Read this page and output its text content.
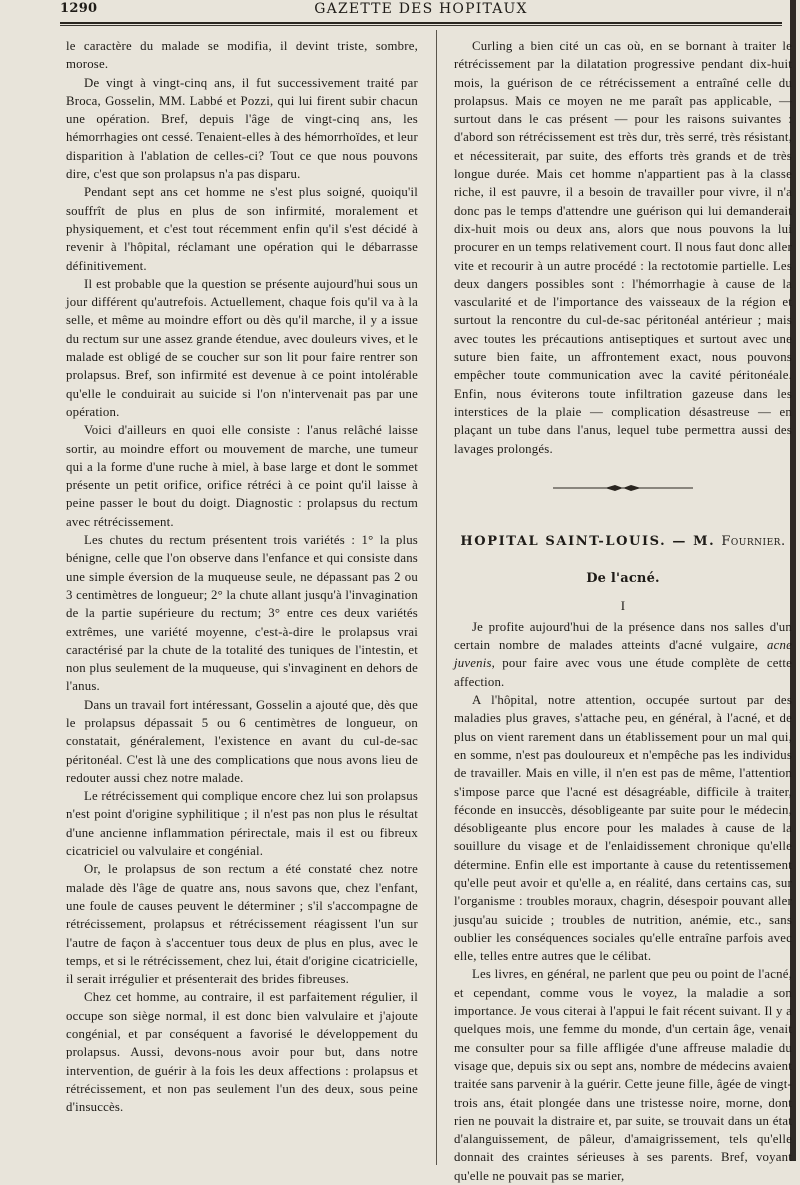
1290	GAZETTE DES HOPITAUX

le caractère du malade se modifia, il devint triste, sombre, morose.

De vingt à vingt-cinq ans, il fut successivement traité par Broca, Gosselin, MM. Labbé et Pozzi, qui lui firent subir chacun une opération. Bref, depuis l'âge de vingt-cinq ans, les hémorrhagies ont cessé. Tenaient-elles à des hémorrhoïdes, et leur disparition à l'ablation de celles-ci? Tout ce que nous pouvons dire, c'est que son prolapsus n'a pas disparu.

Pendant sept ans cet homme ne s'est plus soigné, quoiqu'il souffrît de plus en plus de son infirmité, moralement et physiquement, et c'est tout récemment enfin qu'il s'est décidé à revenir à l'hôpital, réclamant une opération qui le débarrasse définitivement.

Il est probable que la question se présente aujourd'hui sous un jour différent qu'autrefois. Actuellement, chaque fois qu'il va à la selle, et même au moindre effort ou dès qu'il marche, il y a issue du rectum sur une assez grande étendue, avec douleurs vives, et le malade est obligé de se coucher sur son lit pour faire rentrer son prolapsus. Bref, son infirmité est devenue à ce point intolérable qu'elle le conduirait au suicide si l'on n'intervenait pas par une opération.

Voici d'ailleurs en quoi elle consiste : l'anus relâché laisse sortir, au moindre effort ou mouvement de marche, une tumeur qui a la forme d'une ruche à miel, à base large et dont le sommet présente un petit orifice, orifice rétréci à ce point qu'il laisse à peine passer le bout du doigt. Diagnostic : prolapsus du rectum avec rétrécissement.

Les chutes du rectum présentent trois variétés : 1° la plus bénigne, celle que l'on observe dans l'enfance et qui consiste dans une simple éversion de la muqueuse seule, ne dépassant pas 2 ou 3 centimètres de longueur; 2° la chute allant jusqu'à l'invagination de la partie supérieure du rectum; 3° entre ces deux variétés extrêmes, une variété moyenne, c'est-à-dire le prolapsus vrai caractérisé par la chute de la totalité des tuniques de l'intestin, et non plus seulement de la muqueuse, qui s'invaginent en dehors de l'anus.

Dans un travail fort intéressant, Gosselin a ajouté que, dès que le prolapsus dépassait 5 ou 6 centimètres de longueur, on constatait, généralement, l'existence en avant du cul-de-sac péritonéal. C'est là une des complications que nous avons lieu de redouter aussi chez notre malade.

Le rétrécissement qui complique encore chez lui son prolapsus n'est point d'origine syphilitique ; il n'est pas non plus le résultat d'une ancienne inflammation périrectale, mais il est ou fibreux cicatriciel ou valvulaire et congénial.

Or, le prolapsus de son rectum a été constaté chez notre malade dès l'âge de quatre ans, nous savons que, chez l'enfant, une foule de causes peuvent le déterminer ; s'il s'accompagne de rétrécissement, prolapsus et rétrécissement réagissent l'un sur l'autre de façon à s'accentuer tous deux de plus en plus, avec le temps, et si le rétrécissement, chez lui, était d'origine cicatricielle, il serait irrégulier et présenterait des brides fibreuses.

Chez cet homme, au contraire, il est parfaitement régulier, il occupe son siège normal, il est donc bien valvulaire et j'ajoute congénial, et par conséquent a favorisé le développement du prolapsus. Aussi, devons-nous avoir pour but, dans notre intervention, de guérir à la fois les deux affections : prolapsus et rétrécissement, et non pas seulement l'un des deux, sous peine d'insuccès.

Curling a bien cité un cas où, en se bornant à traiter le rétrécissement par la dilatation progressive pendant dix-huit mois, la guérison de ce rétrécissement a entraîné celle du prolapsus. Mais ce moyen ne me paraît pas applicable, — surtout dans le cas présent — pour les raisons suivantes : d'abord son rétrécissement est très dur, très serré, très résistant, et nécessiterait, par suite, des efforts très grands et de très longue durée. Mais cet homme n'appartient pas à la classe riche, il est pauvre, il a besoin de travailler pour vivre, il n'a donc pas le temps d'attendre une guérison qui lui demanderait dix-huit mois ou deux ans, alors que nous pouvons la lui procurer en un temps relativement court. Il nous faut donc aller vite et recourir à un autre procédé : la rectotomie partielle. Les deux dangers possibles sont : l'hémorrhagie à cause de la vascularité et de l'importance des vaisseaux de la région et surtout la rencontre du cul-de-sac péritonéal antérieur ; mais avec toutes les précautions antiseptiques et surtout avec une suture bien faite, un affrontement exact, nous pouvons empêcher toute communication avec la cavité péritonéale. Enfin, nous éviterons toute infiltration gazeuse dans les interstices de la plaie — complication désastreuse — en plaçant un tube dans l'anus, lequel tube permettra aussi des lavages prolongés.

HOPITAL SAINT-LOUIS. — M. Fournier.
De l'acné.
I

Je profite aujourd'hui de la présence dans nos salles d'un certain nombre de malades atteints d'acné vulgaire, acne juvenis, pour faire avec vous une étude complète de cette affection.

A l'hôpital, notre attention, occupée surtout par des maladies plus graves, s'attache peu, en général, à l'acné, et de plus on vient rarement dans un établissement pour un mal qui, en somme, n'est pas douloureux et n'empêche pas les individus de travailler. Mais en ville, il n'en est pas de même, l'attention s'impose parce que l'acné est désagréable, difficile à traiter, féconde en insuccès, désobligeante par suite pour le médecin, désobligeante plus encore pour les malades à cause de la souillure du visage et de l'enlaidissement chronique qu'elle détermine. Enfin elle est importante à cause du retentissement qu'elle peut avoir et qu'elle a, en réalité, dans certains cas, sur l'organisme : troubles moraux, chagrin, désespoir pouvant aller jusqu'au suicide ; troubles de nutrition, anémie, etc., sans oublier les conséquences sociales qu'elle entraîne parfois avec elle, telles entre autres que le célibat.

Les livres, en général, ne parlent que peu ou point de l'acné, et cependant, comme vous le voyez, la maladie a son importance. Je vous citerai à l'appui le fait récent suivant. Il y a quelques mois, une femme du monde, d'un certain âge, venait me consulter pour sa fille affligée d'une affreuse maladie du visage que, depuis six ou sept ans, nombre de médecins avaient traitée sans parvenir à la guérir. Cette jeune fille, âgée de vingt-trois ans, était plongée dans une tristesse noire, morne, dont rien ne pouvait la distraire et, par suite, se trouvait dans un état d'alanguissement, de pâleur, d'amaigrissement, tels qu'elle donnait des craintes sérieuses à ses parents. Bref, voyant qu'elle ne pouvait pas se marier,
